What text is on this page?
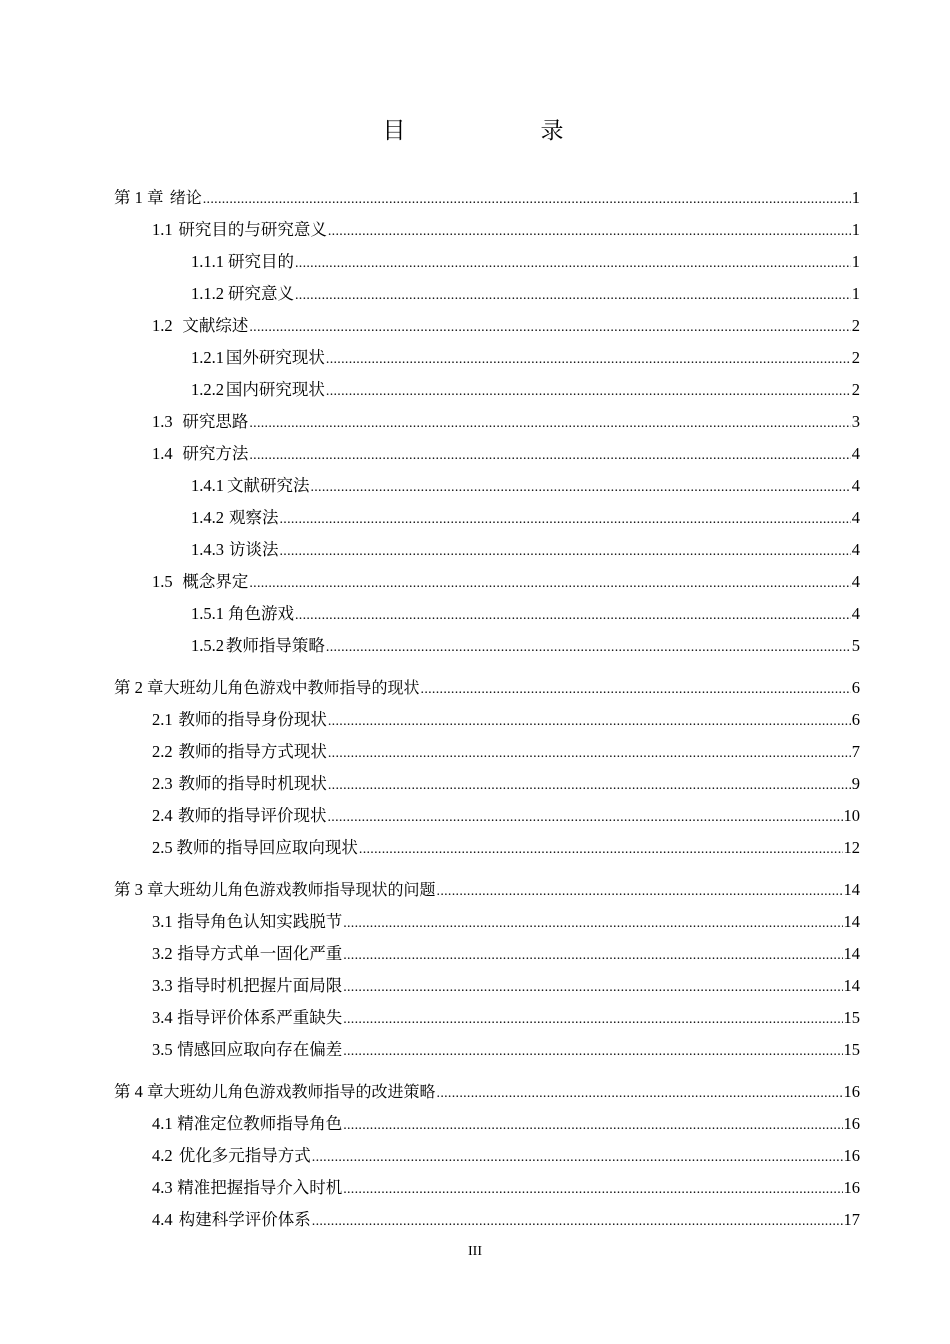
目　录
第 1 章 绪论 . . .	1
1.1 研究目的与研究意义 . . .	1
1.1.1 研究目的 . . .	1
1.1.2 研究意义 . . .	1
1.2 文献综述 . . .	2
1.2.1 国外研究现状 . . .	2
1.2.2 国内研究现状 . . .	2
1.3 研究思路 . . .	3
1.4 研究方法 . . .	4
1.4.1 文献研究法 . . .	4
1.4.2 观察法 . . .	4
1.4.3 访谈法 . . .	4
1.5 概念界定 . . .	4
1.5.1 角色游戏 . . .	4
1.5.2 教师指导策略 . . .	5
第 2 章 大班幼儿角色游戏中教师指导的现状 . . .	6
2.1 教师的指导身份现状 . . .	6
2.2 教师的指导方式现状 . . .	7
2.3 教师的指导时机现状 . . .	9
2.4 教师的指导评价现状 . . .	10
2.5 教师的指导回应取向现状 . . .	12
第 3 章 大班幼儿角色游戏教师指导现状的问题 . . .	14
3.1 指导角色认知实践脱节 . . .	14
3.2 指导方式单一固化严重 . . .	14
3.3 指导时机把握片面局限 . . .	14
3.4 指导评价体系严重缺失 . . .	15
3.5 情感回应取向存在偏差 . . .	15
第 4 章 大班幼儿角色游戏教师指导的改进策略 . . .	16
4.1 精准定位教师指导角色 . . .	16
4.2 优化多元指导方式 . . .	16
4.3 精准把握指导介入时机 . . .	16
4.4 构建科学评价体系 . . .	17
III
